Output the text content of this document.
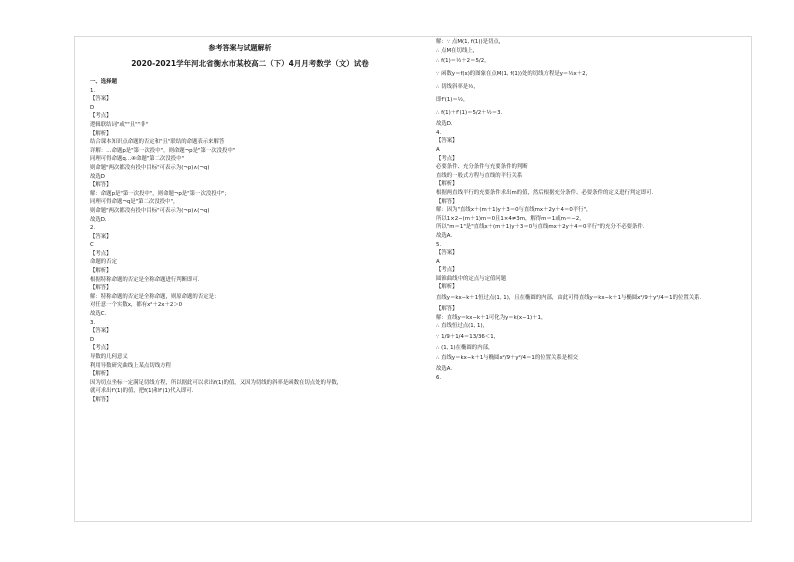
参考答案与试题解析
2020-2021学年河北省衡水市某校高二（下）4月月考数学（文）试卷
一、选择题
1.
【答案】
D
【考点】
逻辑联结词"或""且""非"
【解析】
结合课本知识点命题的否定和"且"联结的命题表示来解答
详解：…命题p是"第一次投中"，则命题¬p是"第一次没投中"
同理可得命题q…④命题"第二次没投中"
则命题"两次都没有投中目标"可表示为(¬p)∧(¬q)
故选D
【解答】
解：命题p是"第一次投中"，则命题¬p是"第一次没投中"；
同理可得命题¬q是"第二次没投中"，
则命题"两次都没有投中目标"可表示为(¬p)∧(¬q)
故选D.
2.
【答案】
C
【考点】
命题的否定
【解析】
根据特称命题的否定是全称命题进行判断即可.
【解答】
解：特称命题的否定是全称命题，则原命题的否定是：
对任意一个实数x，都有x²＋2x＋2＞0
故选C.
3.
【答案】
D
【考点】
导数的几何意义
利用导数研究曲线上某点切线方程
【解析】
因为切点坐标一定满足切线方程，所以据此可以求出f(1)的值，又因为切线的斜率是函数在切点处的导数，
就可求出f'(1)的值，把f(1)和f'(1)代入即可.
【解答】
解：∵ 点M(1, f(1))是切点，
∴ 点M在切线上，
∴ f(1)＝½＋2＝5/2，
∵ 函数y＝f(x)的图象在点M(1, f(1))处的切线方程是y＝½x＋2，
∴ 切线斜率是½，
即f'(1)＝½，
∴ f(1)＋f'(1)＝5/2＋½＝3.
故选D.
4.
【答案】
A
【考点】
必要条件、充分条件与充要条件的判断
直线的一般式方程与直线的平行关系
【解析】
根据两直线平行的充要条件求出m的值，然后根据充分条件、必要条件的定义进行判定即可.
【解答】
解：因为"直线x＋(m＋1)y＋3＝0与直线mx＋2y＋4＝0平行"，
所以1×2−(m＋1)m＝0且1×4≠3m，解得m＝1或m＝−2，
所以"m＝1"是"直线x＋(m＋1)y＋3＝0与直线mx＋2y＋4＝0平行"的充分不必要条件.
故选A.
5.
【答案】
A
【考点】
圆锥曲线中的定点与定值问题
【解析】
直线y＝kx−k＋1恒过点(1, 1)，且在椭圆的内部，由此可得直线y＝kx−k＋1与椭圆x²/9＋y²/4＝1的位置关系.
【解答】
解：直线y＝kx−k＋1可化为y＝k(x−1)＋1，
∴ 直线恒过点(1, 1)，
∵ 1/9＋1/4＝13/36＜1，
∴ (1, 1)在椭圆的内部，
∴ 直线y＝kx−k＋1与椭圆x²/9＋y²/4＝1的位置关系是相交
故选A.
6.
